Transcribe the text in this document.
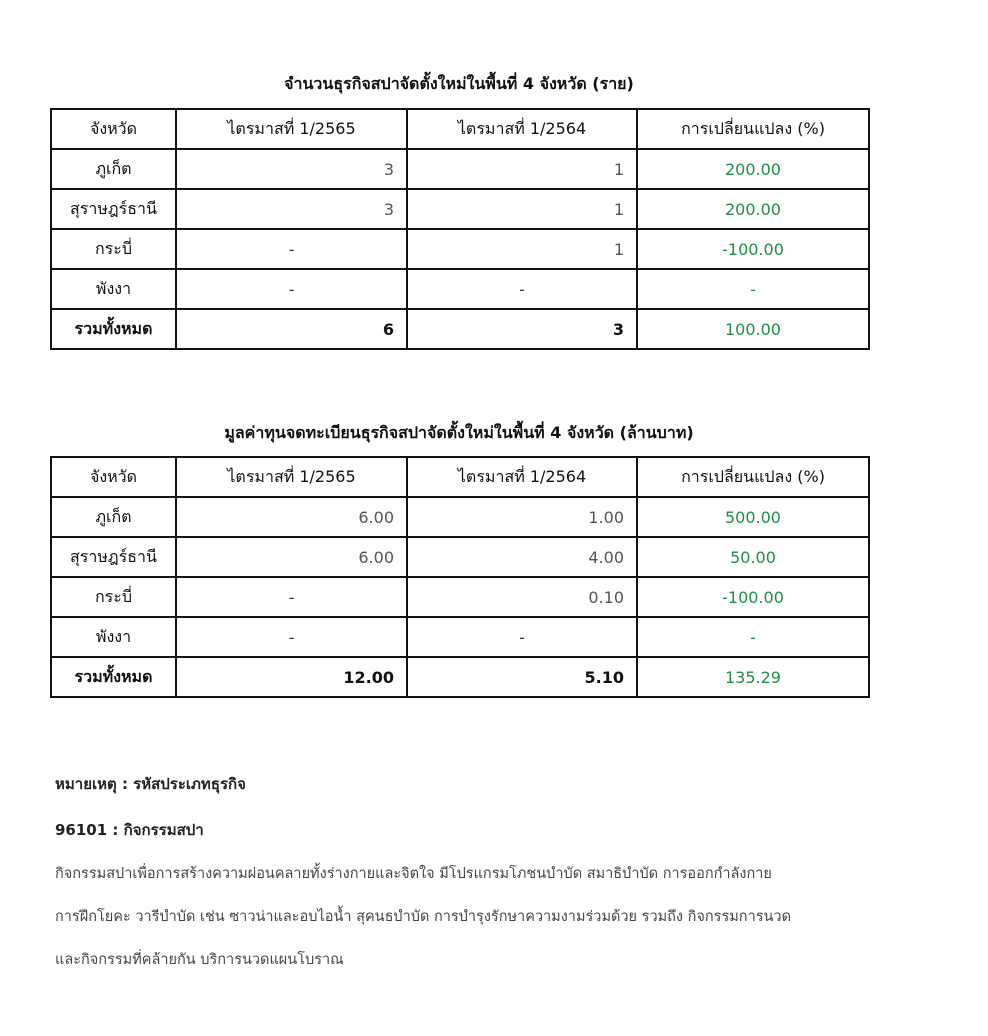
จำนวนธุรกิจสปาจัดตั้งใหม่ในพื้นที่ 4 จังหวัด (ราย)
จังหวัด	ไตรมาสที่ 1/2565	ไตรมาสที่ 1/2564	การเปลี่ยนแปลง (%)
ภูเก็ต	3	1	200.00
สุราษฎร์ธานี	3	1	200.00
กระบี่	-	1	-100.00
พังงา	-	-	-
รวมทั้งหมด	6	3	100.00
มูลค่าทุนจดทะเบียนธุรกิจสปาจัดตั้งใหม่ในพื้นที่ 4 จังหวัด (ล้านบาท)
จังหวัด	ไตรมาสที่ 1/2565	ไตรมาสที่ 1/2564	การเปลี่ยนแปลง (%)
ภูเก็ต	6.00	1.00	500.00
สุราษฎร์ธานี	6.00	4.00	50.00
กระบี่	-	0.10	-100.00
พังงา	-	-	-
รวมทั้งหมด	12.00	5.10	135.29
หมายเหตุ : รหัสประเภทธุรกิจ
96101 : กิจกรรมสปา
กิจกรรมสปาเพื่อการสร้างความผ่อนคลายทั้งร่างกายและจิตใจ มีโปรแกรมโภชนบำบัด สมาธิบำบัด การออกกำลังกาย
การฝึกโยคะ วารีบำบัด เช่น ซาวน่าและอบไอน้ำ สุคนธบำบัด การบำรุงรักษาความงามร่วมด้วย รวมถึง กิจกรรมการนวด
และกิจกรรมที่คล้ายกัน บริการนวดแผนโบราณ
